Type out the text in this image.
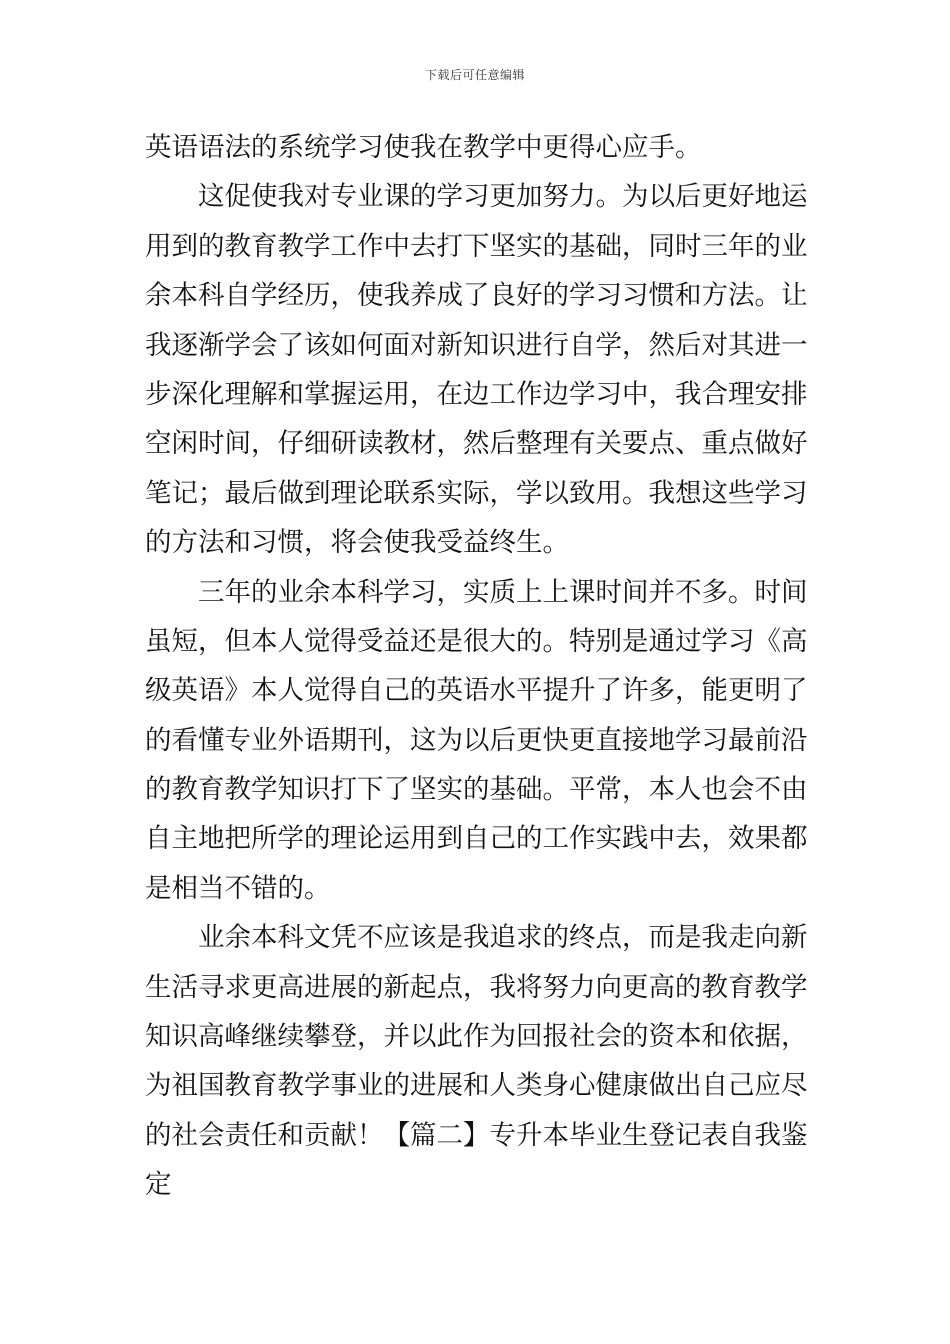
下载后可任意编辑
英语语法的系统学习使我在教学中更得心应手。
这促使我对专业课的学习更加努力。为以后更好地运
用到的教育教学工作中去打下坚实的基础，同时三年的业
余本科自学经历，使我养成了良好的学习习惯和方法。让
我逐渐学会了该如何面对新知识进行自学，然后对其进一
步深化理解和掌握运用，在边工作边学习中，我合理安排
空闲时间，仔细研读教材，然后整理有关要点、重点做好
笔记；最后做到理论联系实际，学以致用。我想这些学习
的方法和习惯，将会使我受益终生。
三年的业余本科学习，实质上上课时间并不多。时间
虽短，但本人觉得受益还是很大的。特别是通过学习《高
级英语》本人觉得自己的英语水平提升了许多，能更明了
的看懂专业外语期刊，这为以后更快更直接地学习最前沿
的教育教学知识打下了坚实的基础。平常，本人也会不由
自主地把所学的理论运用到自己的工作实践中去，效果都
是相当不错的。
业余本科文凭不应该是我追求的终点，而是我走向新
生活寻求更高进展的新起点，我将努力向更高的教育教学
知识高峰继续攀登，并以此作为回报社会的资本和依据，
为祖国教育教学事业的进展和人类身心健康做出自己应尽
的社会责任和贡献！【篇二】专升本毕业生登记表自我鉴
定
